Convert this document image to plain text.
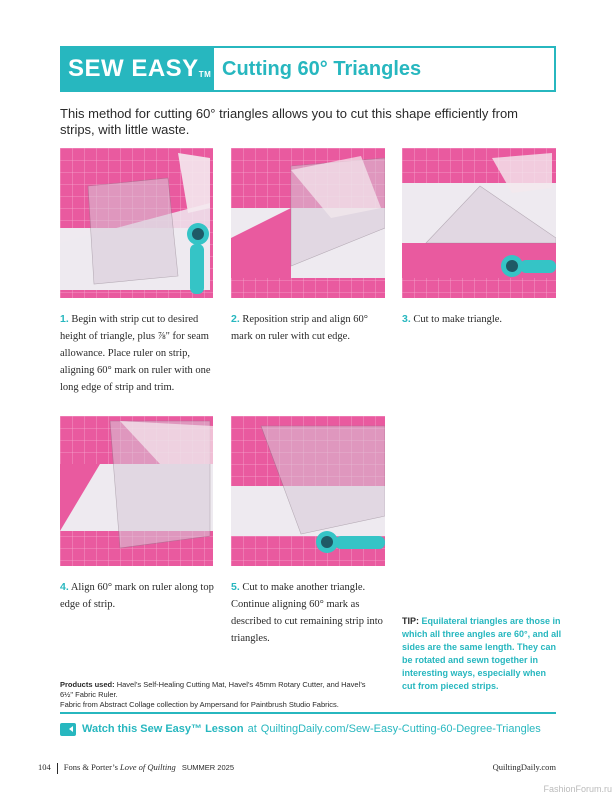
SEW EASY™ Cutting 60° Triangles
This method for cutting 60° triangles allows you to cut this shape efficiently from strips, with little waste.
1. Begin with strip cut to desired height of triangle, plus ⅞" for seam allowance. Place ruler on strip, aligning 60° mark on ruler with one long edge of strip and trim.
2. Reposition strip and align 60° mark on ruler with cut edge.
3. Cut to make triangle.
4. Align 60° mark on ruler along top edge of strip.
5. Cut to make another triangle. Continue aligning 60° mark as described to cut remaining strip into triangles.
TIP: Equilateral triangles are those in which all three angles are 60°, and all sides are the same length. They can be rotated and sewn together in interesting ways, especially when cut from pieced strips.
Products used: Havel’s Self-Healing Cutting Mat, Havel’s 45mm Rotary Cutter, and Havel’s 6½" Fabric Ruler.
Fabric from Abstract Collage collection by Ampersand for Paintbrush Studio Fabrics.
Watch this Sew Easy™ Lesson at QuiltingDaily.com/Sew-Easy-Cutting-60-Degree-Triangles
104 Fons & Porter’s Love of Quilting SUMMER 2025	QuiltingDaily.com
FashionForum.ru
